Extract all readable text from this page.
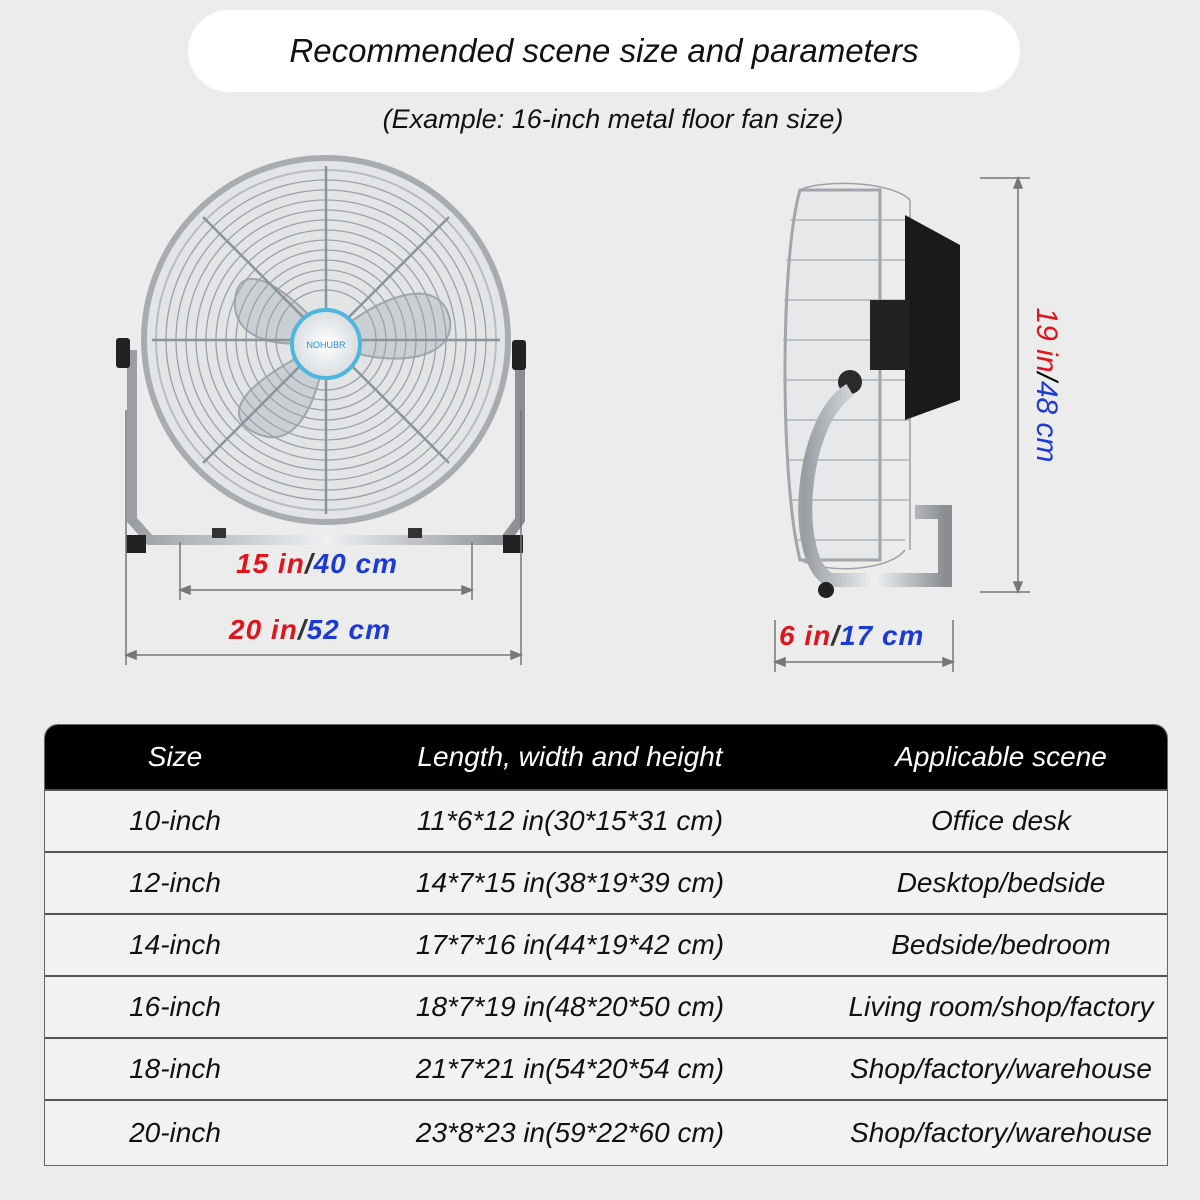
Recommended scene size and parameters
(Example: 16-inch metal floor fan size)
NOHUBR
15 in/40 cm
20 in/52 cm	6 in/17 cm
19 in/48 cm
Size	Length, width and height	Applicable scene
10-inch	11*6*12 in(30*15*31 cm)	Office desk
12-inch	14*7*15 in(38*19*39 cm)	Desktop/bedside
14-inch	17*7*16 in(44*19*42 cm)	Bedside/bedroom
16-inch	18*7*19 in(48*20*50 cm)	Living room/shop/factory
18-inch	21*7*21 in(54*20*54 cm)	Shop/factory/warehouse
20-inch	23*8*23 in(59*22*60 cm)	Shop/factory/warehouse
